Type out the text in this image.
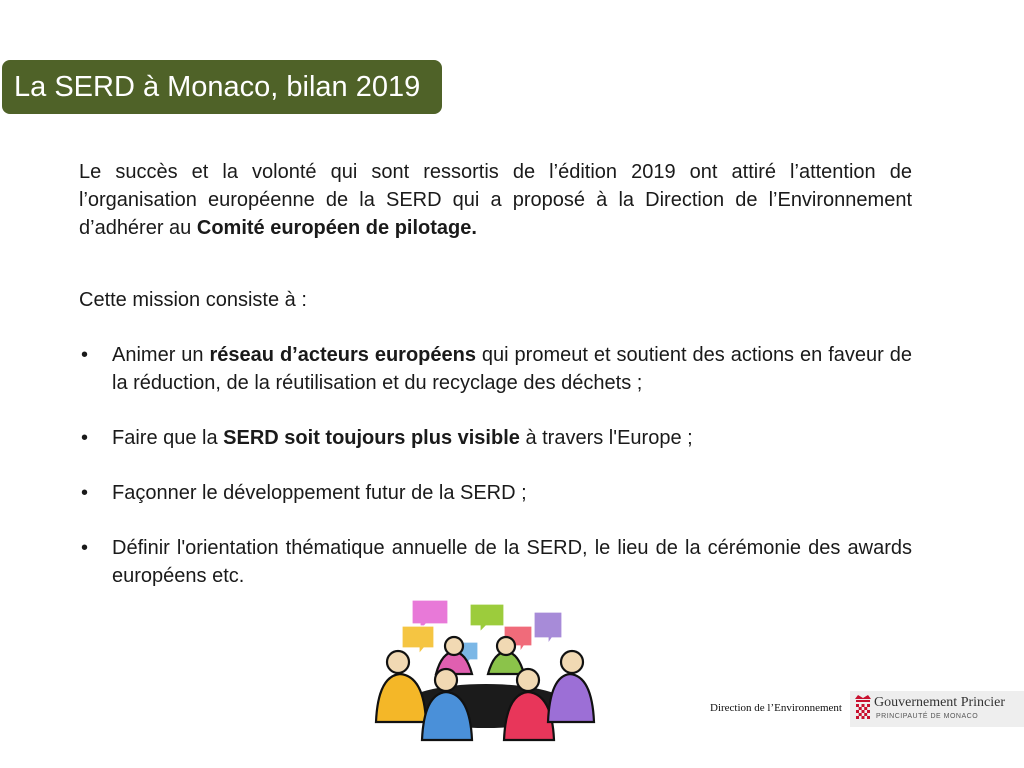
La SERD à Monaco, bilan 2019

Le succès et la volonté qui sont ressortis de l’édition 2019 ont attiré l’attention de l’organisation européenne de la SERD qui a proposé à la Direction de l’Environnement d’adhérer au Comité européen de pilotage.

Cette mission consiste à :

• Animer un réseau d’acteurs européens qui promeut et soutient des actions en faveur de la réduction, de la réutilisation et du recyclage des déchets ;
• Faire que la SERD soit toujours plus visible à travers l'Europe ;
• Façonner le développement futur de la SERD ;
• Définir l'orientation thématique annuelle de la SERD, le lieu de la cérémonie des awards européens etc.
Direction de l’Environnement Gouvernement Princier
PRINCIPAUTÉ DE MONACO
